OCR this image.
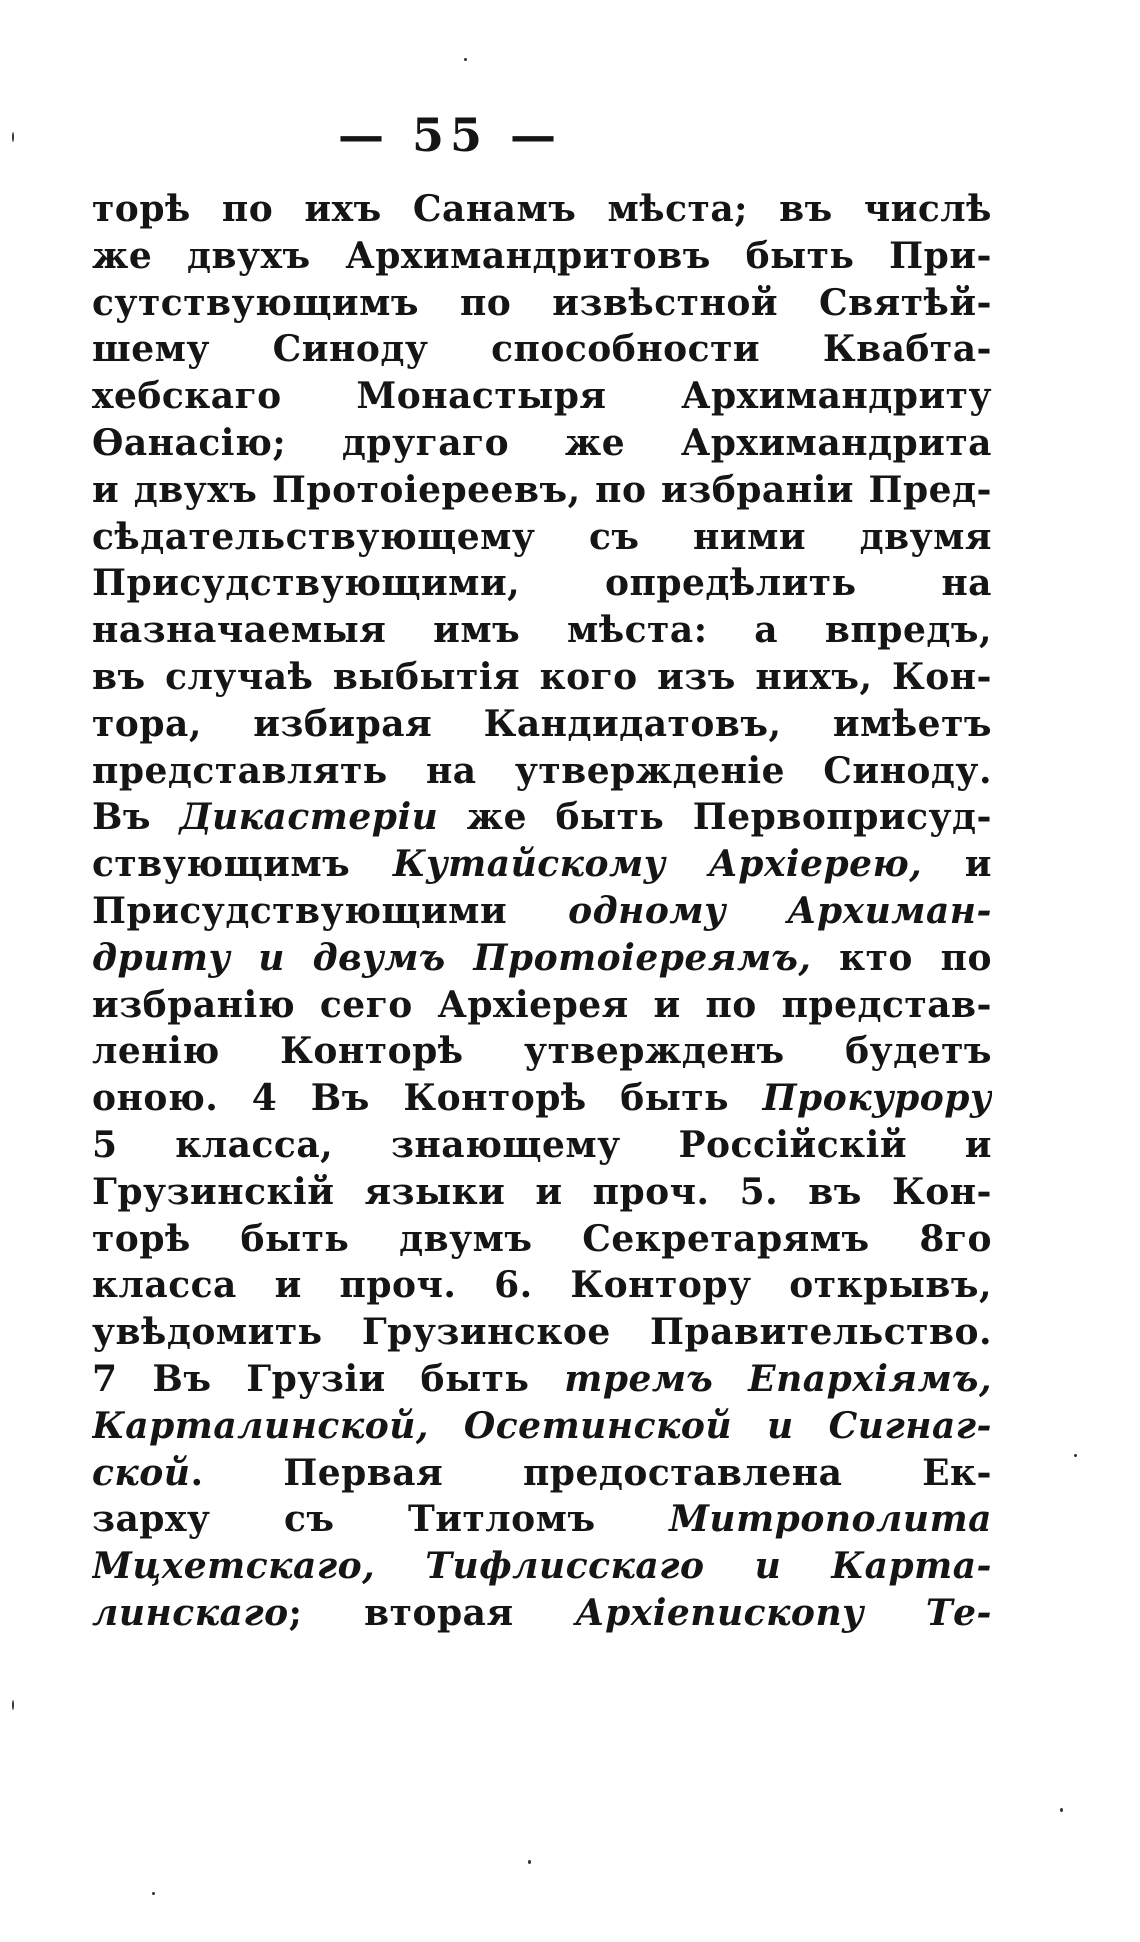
— 55 —
торѣ по ихъ Санамъ мѣста; въ числѣ
же двухъ Архимандритовъ быть При-
сутствующимъ по извѣстной Святѣй-
шему Синоду способности Квабта-
хебскаго Монастыря Архимандриту
Ѳанасію; другаго же Архимандрита
и двухъ Протоіереевъ, по избраніи Пред-
сѣдательствующему съ ними двумя
Присудствующими, опредѣлить на
назначаемыя имъ мѣста: а впредъ,
въ случаѣ выбытія кого изъ нихъ, Кон-
тора, избирая Кандидатовъ, имѣетъ
представлять на утвержденіе Синоду.
Въ Дикастеріи же быть Первоприсуд-
ствующимъ Кутайскому Архіерею, и
Присудствующими одному Архиман-
дриту и двумъ Протоіереямъ, кто по
избранію сего Архіерея и по представ-
ленію Конторѣ утвержденъ будетъ
оною. 4 Въ Конторѣ быть Прокурору
5 класса, знающему Россійскій и
Грузинскій языки и проч. 5. въ Кон-
торѣ быть двумъ Секретарямъ 8го
класса и проч. 6. Контору открывъ,
увѣдомить Грузинское Правительство.
7 Въ Грузіи быть тремъ Епархіямъ,
Карталинской, Осетинской и Сигнаг-
ской. Первая предоставлена Ек-
зарху съ Титломъ Митрополита
Мцхетскаго, Тифлисскаго и Карта-
линскаго; вторая Архіепископу Те-
